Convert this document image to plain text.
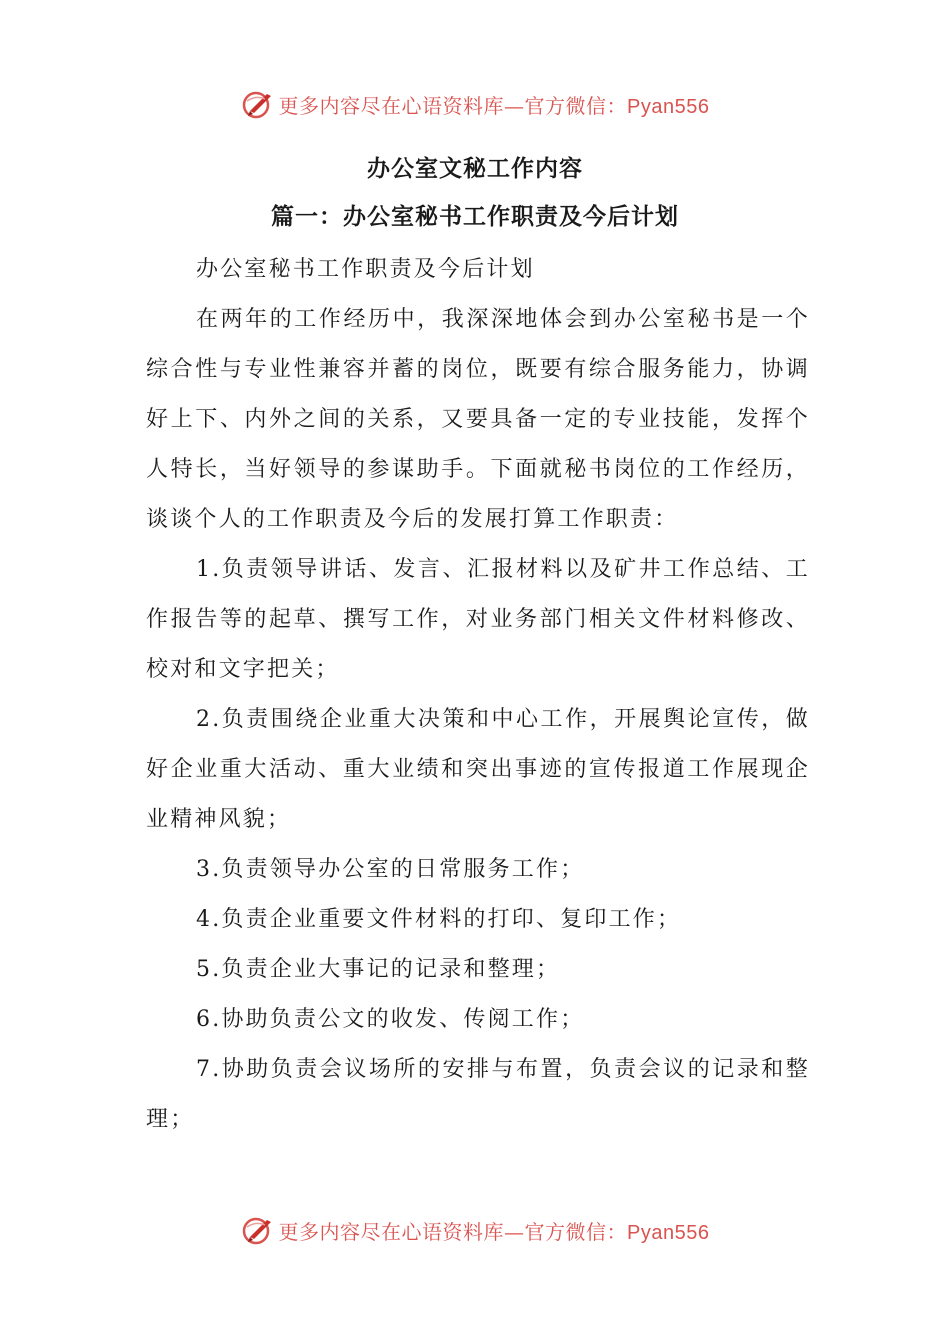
更多内容尽在心语资料库—官方微信：Pyan556
办公室文秘工作内容
篇一：办公室秘书工作职责及今后计划

办公室秘书工作职责及今后计划

在两年的工作经历中，我深深地体会到办公室秘书是一个综合性与专业性兼容并蓄的岗位，既要有综合服务能力，协调好上下、内外之间的关系，又要具备一定的专业技能，发挥个人特长，当好领导的参谋助手。下面就秘书岗位的工作经历，谈谈个人的工作职责及今后的发展打算工作职责：

1.负责领导讲话、发言、汇报材料以及矿井工作总结、工作报告等的起草、撰写工作，对业务部门相关文件材料修改、校对和文字把关；

2.负责围绕企业重大决策和中心工作，开展舆论宣传，做好企业重大活动、重大业绩和突出事迹的宣传报道工作展现企业精神风貌；

3.负责领导办公室的日常服务工作；

4.负责企业重要文件材料的打印、复印工作；

5.负责企业大事记的记录和整理；

6.协助负责公文的收发、传阅工作；

7.协助负责会议场所的安排与布置，负责会议的记录和整理；

更多内容尽在心语资料库—官方微信：Pyan556
